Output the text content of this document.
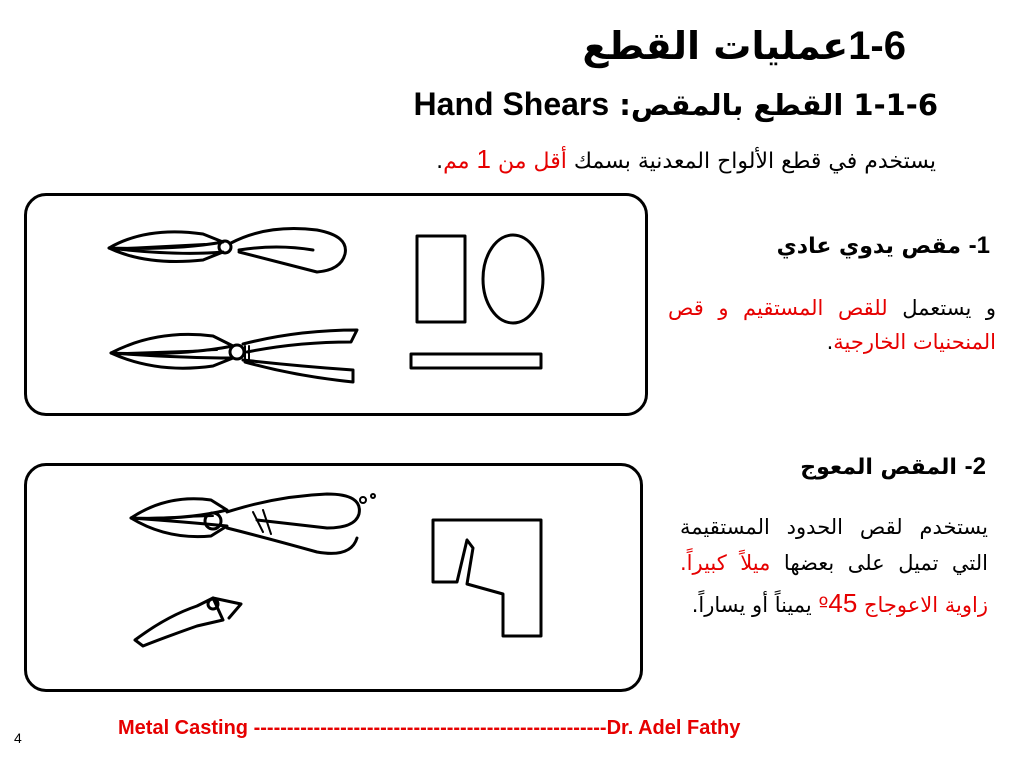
1-6عمليات القطع
1-1-6 القطع بالمقص: Hand Shears
يستخدم في قطع الألواح المعدنية بسمك أقل من 1 مم.
1- مقص يدوي عادي
و يستعمل للقص المستقيم و قص المنحنيات الخارجية.
2- المقص المعوج
يستخدم لقص الحدود المستقيمة التي تميل على بعضها ميلاً كبيراً. زاوية الاعوجاج º45 يميناً أو يساراً.
Metal Casting -----------------------------------------------------Dr. Adel Fathy
4
